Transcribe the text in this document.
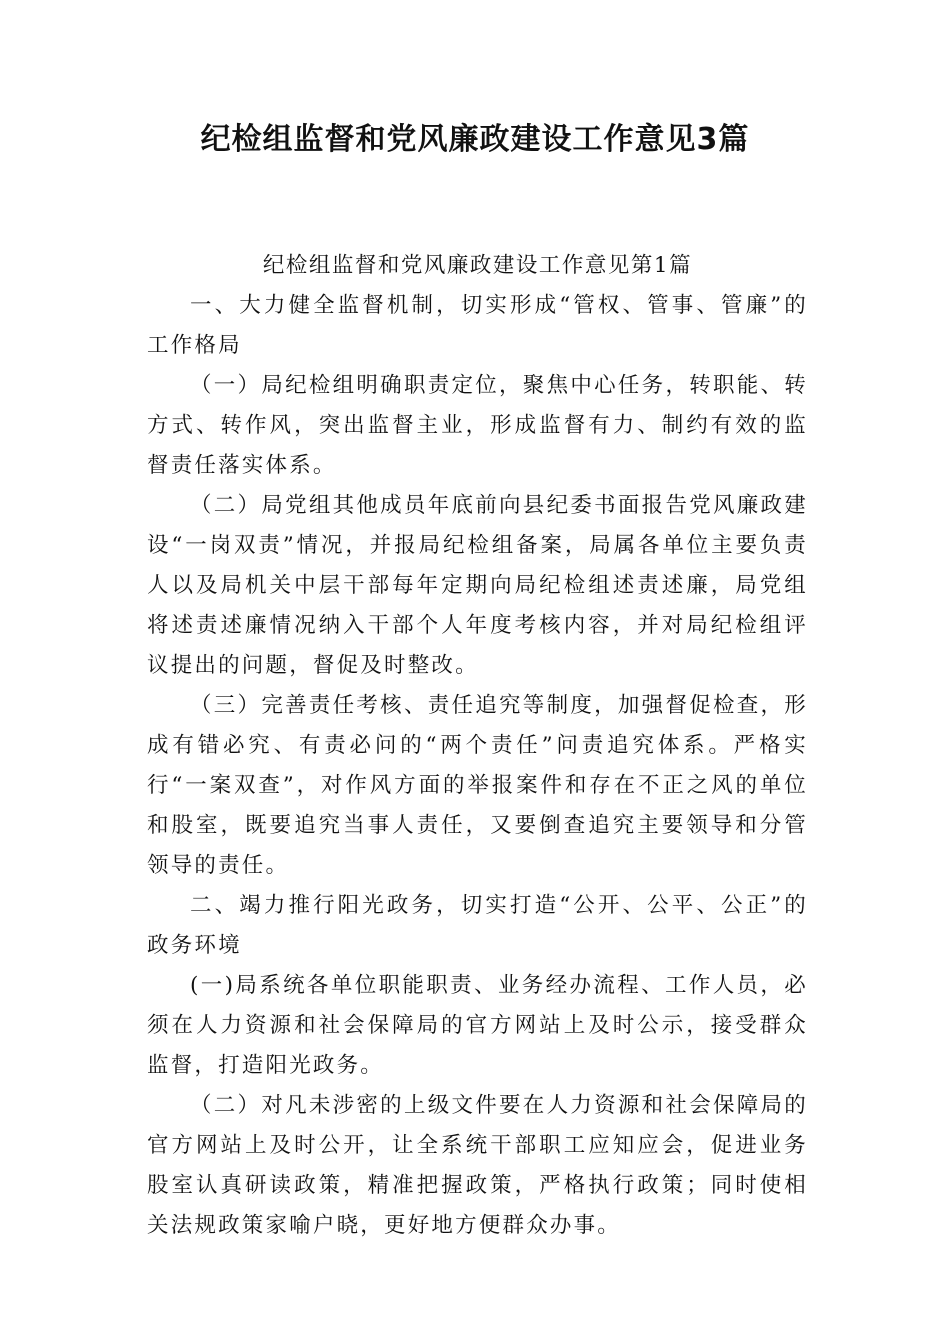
纪检组监督和党风廉政建设工作意见3篇

纪检组监督和党风廉政建设工作意见第1篇

一、大力健全监督机制，切实形成“管权、管事、管廉”的工作格局

（一）局纪检组明确职责定位，聚焦中心任务，转职能、转方式、转作风，突出监督主业，形成监督有力、制约有效的监督责任落实体系。

（二）局党组其他成员年底前向县纪委书面报告党风廉政建设“一岗双责”情况，并报局纪检组备案，局属各单位主要负责人以及局机关中层干部每年定期向局纪检组述责述廉，局党组将述责述廉情况纳入干部个人年度考核内容，并对局纪检组评议提出的问题，督促及时整改。

（三）完善责任考核、责任追究等制度，加强督促检查，形成有错必究、有责必问的“两个责任”问责追究体系。严格实行“一案双查”，对作风方面的举报案件和存在不正之风的单位和股室，既要追究当事人责任，又要倒查追究主要领导和分管领导的责任。

二、竭力推行阳光政务，切实打造“公开、公平、公正”的政务环境

(一)局系统各单位职能职责、业务经办流程、工作人员，必须在人力资源和社会保障局的官方网站上及时公示，接受群众监督，打造阳光政务。

（二）对凡未涉密的上级文件要在人力资源和社会保障局的官方网站上及时公开，让全系统干部职工应知应会，促进业务股室认真研读政策，精准把握政策，严格执行政策；同时使相关法规政策家喻户晓，更好地方便群众办事。
